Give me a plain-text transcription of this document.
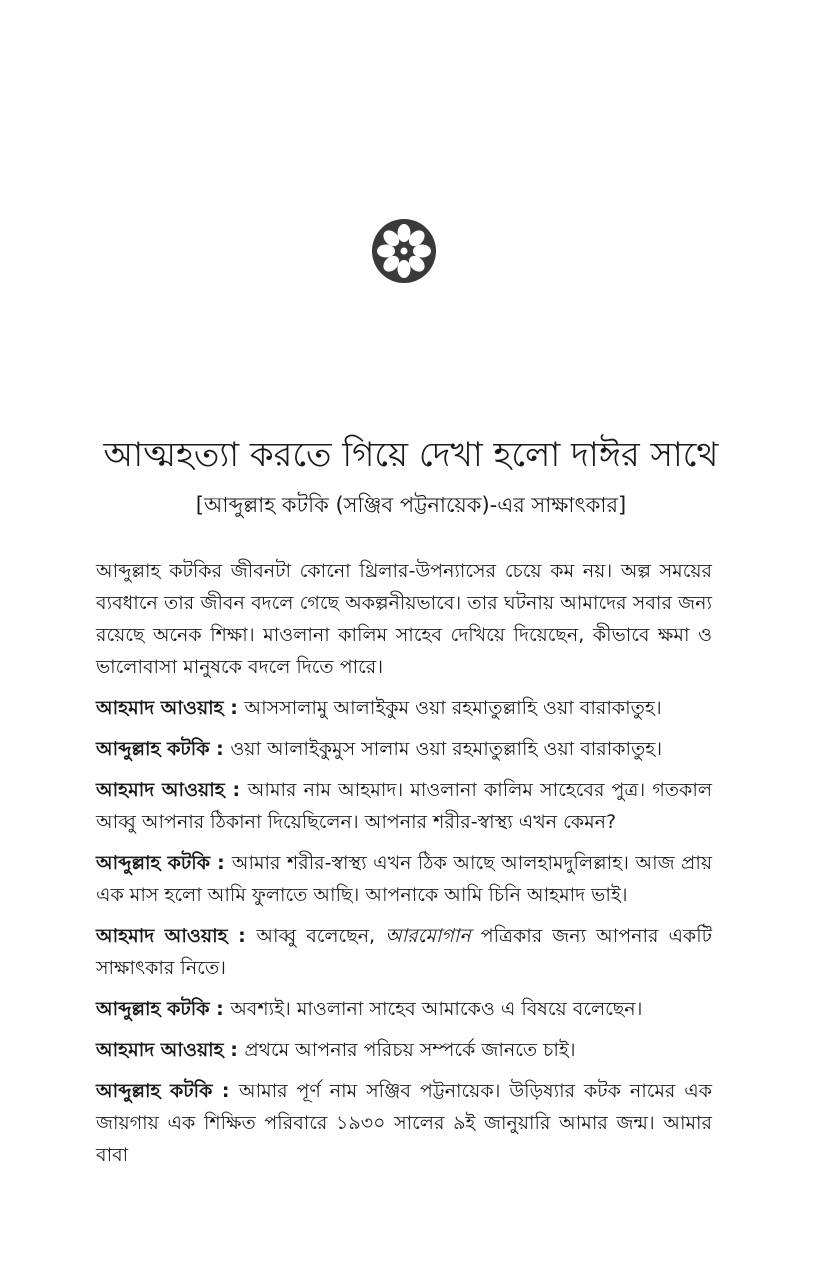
আত্মহত্যা করতে গিয়ে দেখা হলো দাঈর সাথে
[আব্দুল্লাহ কটকি (সঞ্জিব পট্টনায়েক)-এর সাক্ষাৎকার]

আব্দুল্লাহ কটকির জীবনটা কোনো থ্রিলার-উপন্যাসের চেয়ে কম নয়। অল্প সময়ের ব্যবধানে তার জীবন বদলে গেছে অকল্পনীয়ভাবে। তার ঘটনায় আমাদের সবার জন্য রয়েছে অনেক শিক্ষা। মাওলানা কালিম সাহেব দেখিয়ে দিয়েছেন, কীভাবে ক্ষমা ও ভালোবাসা মানুষকে বদলে দিতে পারে।

আহমাদ আওয়াহ : আসসালামু আলাইকুম ওয়া রহমাতুল্লাহি ওয়া বারাকাতুহ।

আব্দুল্লাহ কটকি : ওয়া আলাইকুমুস সালাম ওয়া রহমাতুল্লাহি ওয়া বারাকাতুহ।

আহমাদ আওয়াহ : আমার নাম আহমাদ। মাওলানা কালিম সাহেবের পুত্র। গতকাল আব্বু আপনার ঠিকানা দিয়েছিলেন। আপনার শরীর-স্বাস্থ্য এখন কেমন?

আব্দুল্লাহ কটকি : আমার শরীর-স্বাস্থ্য এখন ঠিক আছে আলহামদুলিল্লাহ। আজ প্রায় এক মাস হলো আমি ফুলাতে আছি। আপনাকে আমি চিনি আহমাদ ভাই।

আহমাদ আওয়াহ : আব্বু বলেছেন, আরমোগান পত্রিকার জন্য আপনার একটি সাক্ষাৎকার নিতে।

আব্দুল্লাহ কটকি : অবশ্যই। মাওলানা সাহেব আমাকেও এ বিষয়ে বলেছেন।

আহমাদ আওয়াহ : প্রথমে আপনার পরিচয় সম্পর্কে জানতে চাই।

আব্দুল্লাহ কটকি : আমার পূর্ণ নাম সঞ্জিব পট্টনায়েক। উড়িষ্যার কটক নামের এক জায়গায় এক শিক্ষিত পরিবারে ১৯৩০ সালের ৯ই জানুয়ারি আমার জন্ম। আমার বাবা
